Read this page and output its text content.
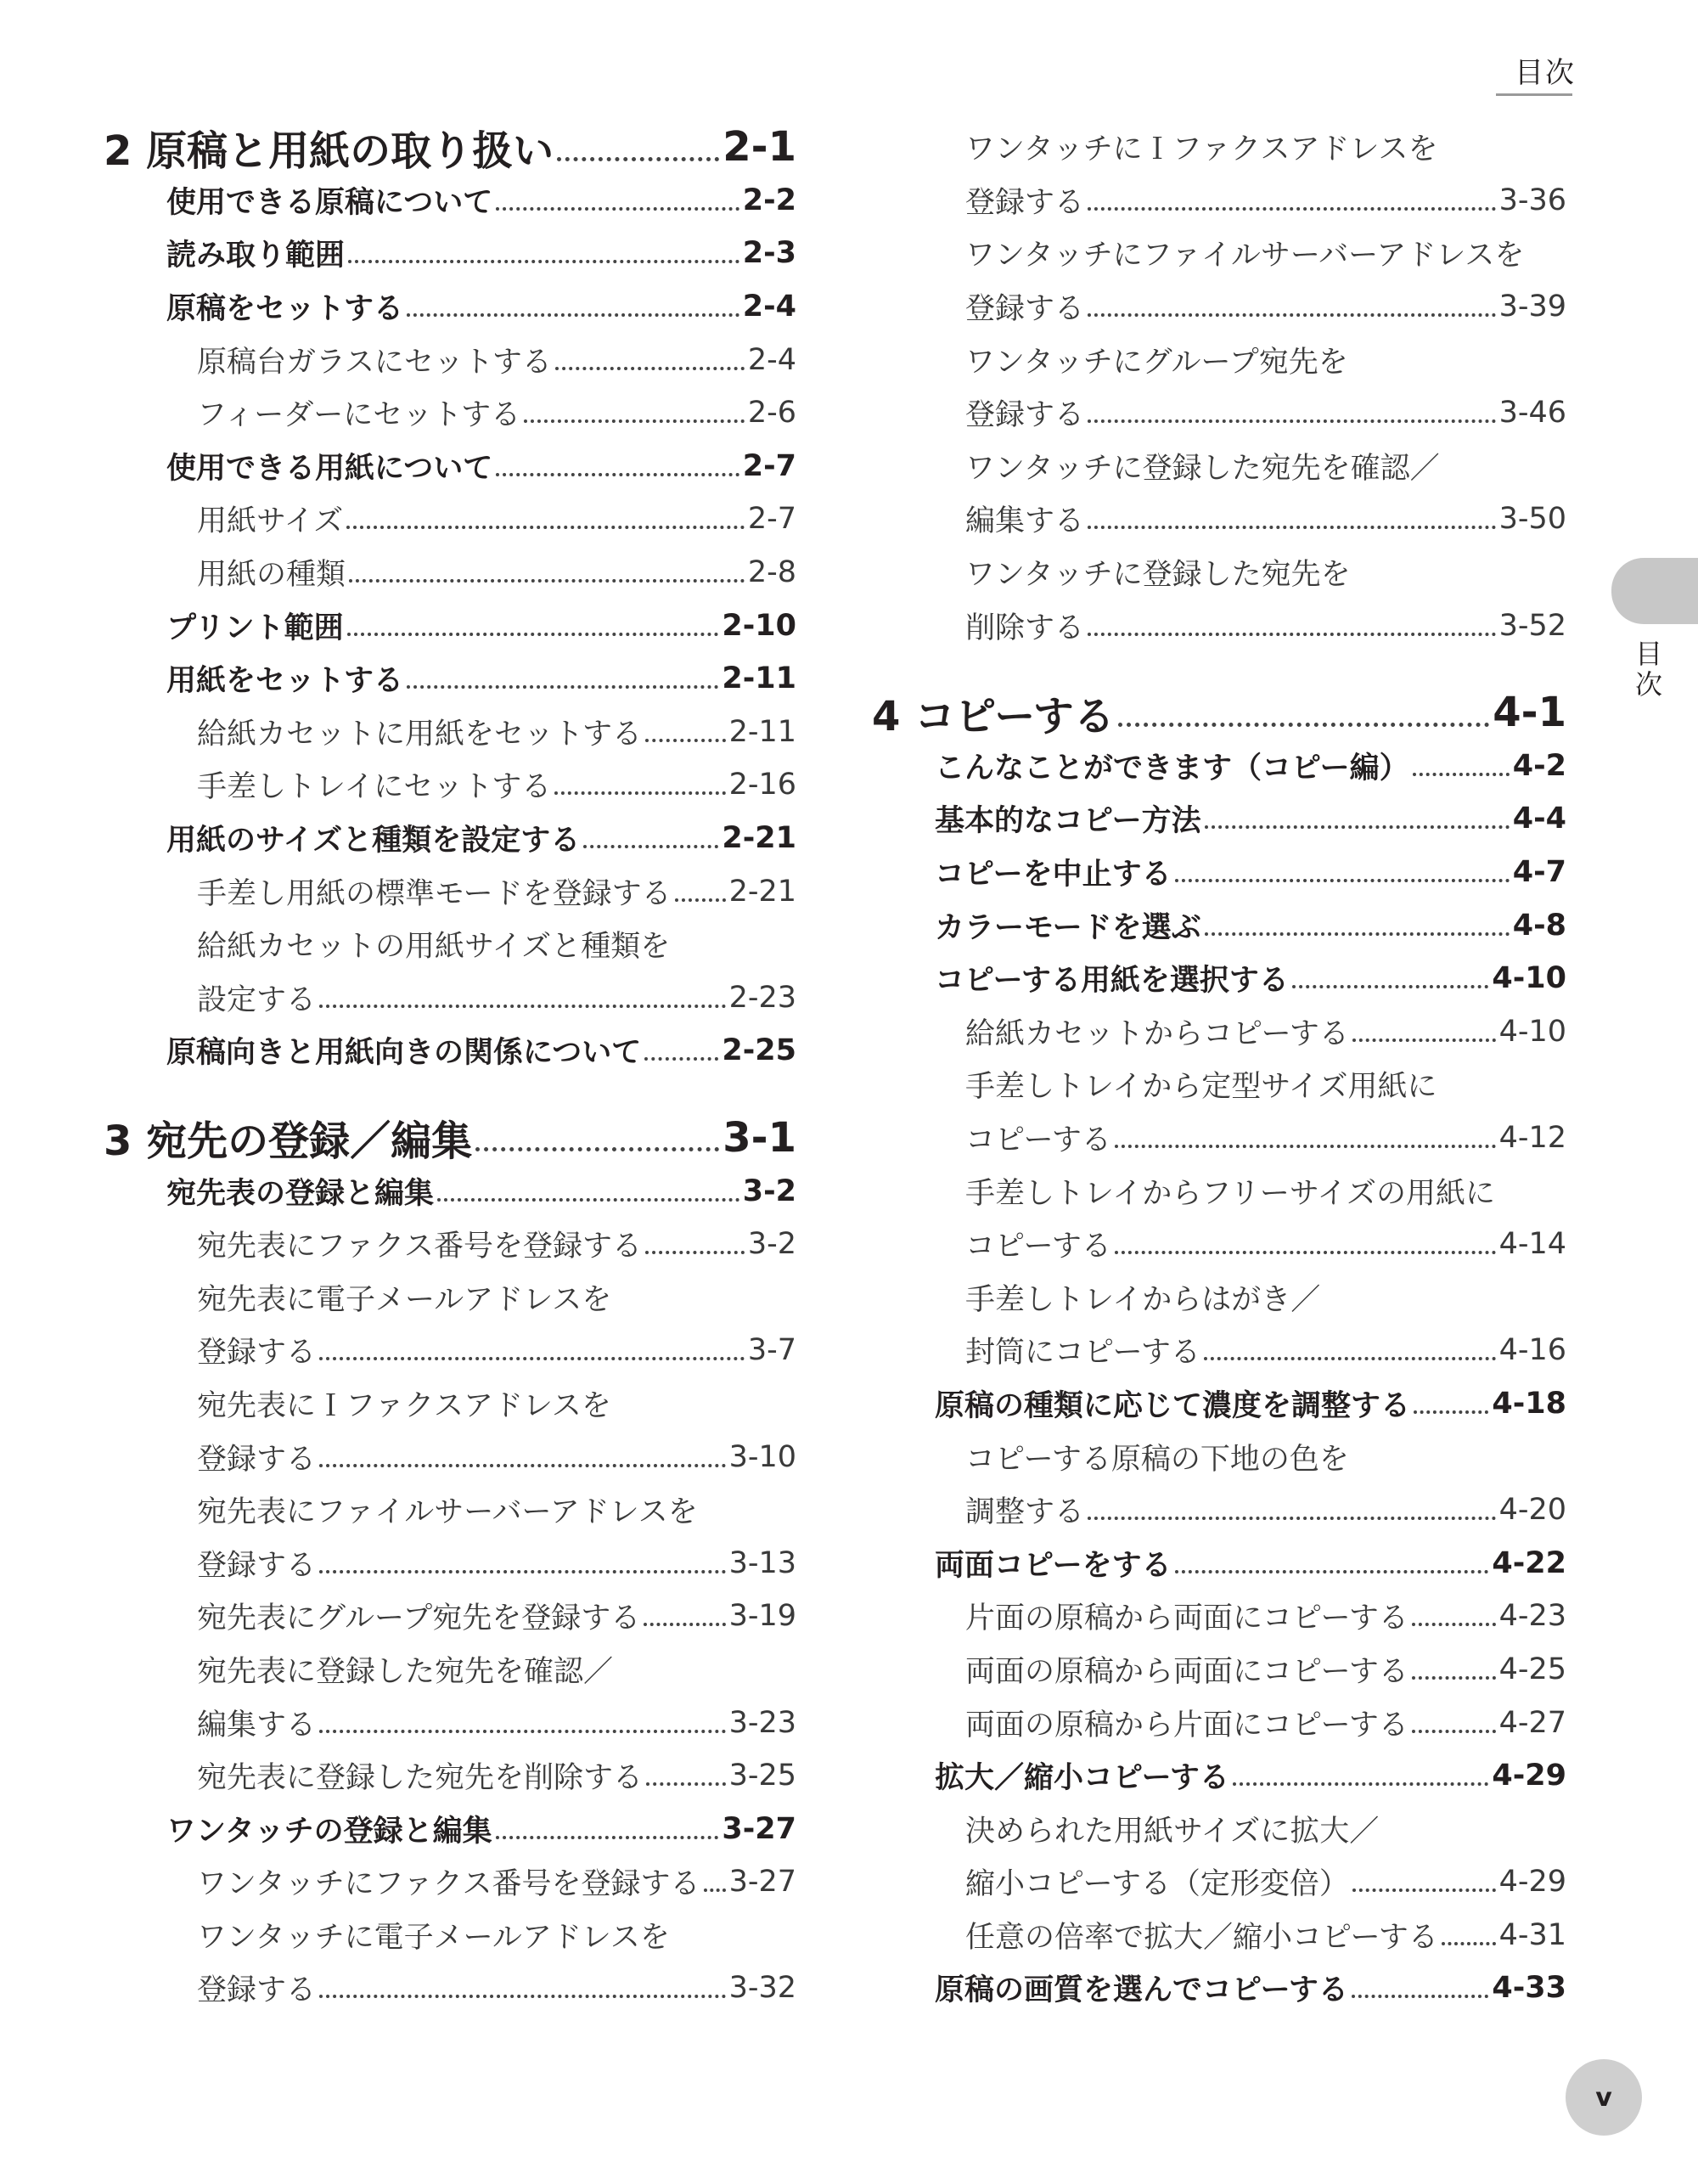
目次
目次
2 原稿と用紙の取り扱い	2-1
使用できる原稿について	2-2
読み取り範囲	2-3
原稿をセットする	2-4
原稿台ガラスにセットする	2-4
フィーダーにセットする	2-6
使用できる用紙について	2-7
用紙サイズ	2-7
用紙の種類	2-8
プリント範囲	2-10
用紙をセットする	2-11
給紙カセットに用紙をセットする	2-11
手差しトレイにセットする	2-16
用紙のサイズと種類を設定する	2-21
手差し用紙の標準モードを登録する 2-21
給紙カセットの用紙サイズと種類を
設定する	2-23
原稿向きと用紙向きの関係について	2-25
3 宛先の登録／編集	3-1
宛先表の登録と編集	3-2
宛先表にファクス番号を登録する	3-2
宛先表に電子メールアドレスを
登録する	3-7
宛先表にＩファクスアドレスを
登録する	3-10
宛先表にファイルサーバーアドレスを
登録する	3-13
宛先表にグループ宛先を登録する	3-19
宛先表に登録した宛先を確認／
編集する	3-23
宛先表に登録した宛先を削除する	3-25
ワンタッチの登録と編集	3-27
ワンタッチにファクス番号を登録する 3-27
ワンタッチに電子メールアドレスを
登録する	3-32
ワンタッチにＩファクスアドレスを
登録する	3-36
ワンタッチにファイルサーバーアドレスを
登録する	3-39
ワンタッチにグループ宛先を
登録する	3-46
ワンタッチに登録した宛先を確認／
編集する	3-50
ワンタッチに登録した宛先を
削除する	3-52
4 コピーする	4-1
こんなことができます（コピー編）	4-2
基本的なコピー方法	4-4
コピーを中止する	4-7
カラーモードを選ぶ	4-8
コピーする用紙を選択する	4-10
給紙カセットからコピーする	4-10
手差しトレイから定型サイズ用紙に
コピーする	4-12
手差しトレイからフリーサイズの用紙に
コピーする	4-14
手差しトレイからはがき／
封筒にコピーする	4-16
原稿の種類に応じて濃度を調整する	4-18
コピーする原稿の下地の色を
調整する	4-20
両面コピーをする	4-22
片面の原稿から両面にコピーする	4-23
両面の原稿から両面にコピーする	4-25
両面の原稿から片面にコピーする	4-27
拡大／縮小コピーする	4-29
決められた用紙サイズに拡大／
縮小コピーする（定形変倍）	4-29
任意の倍率で拡大／縮小コピーする 4-31
原稿の画質を選んでコピーする	4-33
v
